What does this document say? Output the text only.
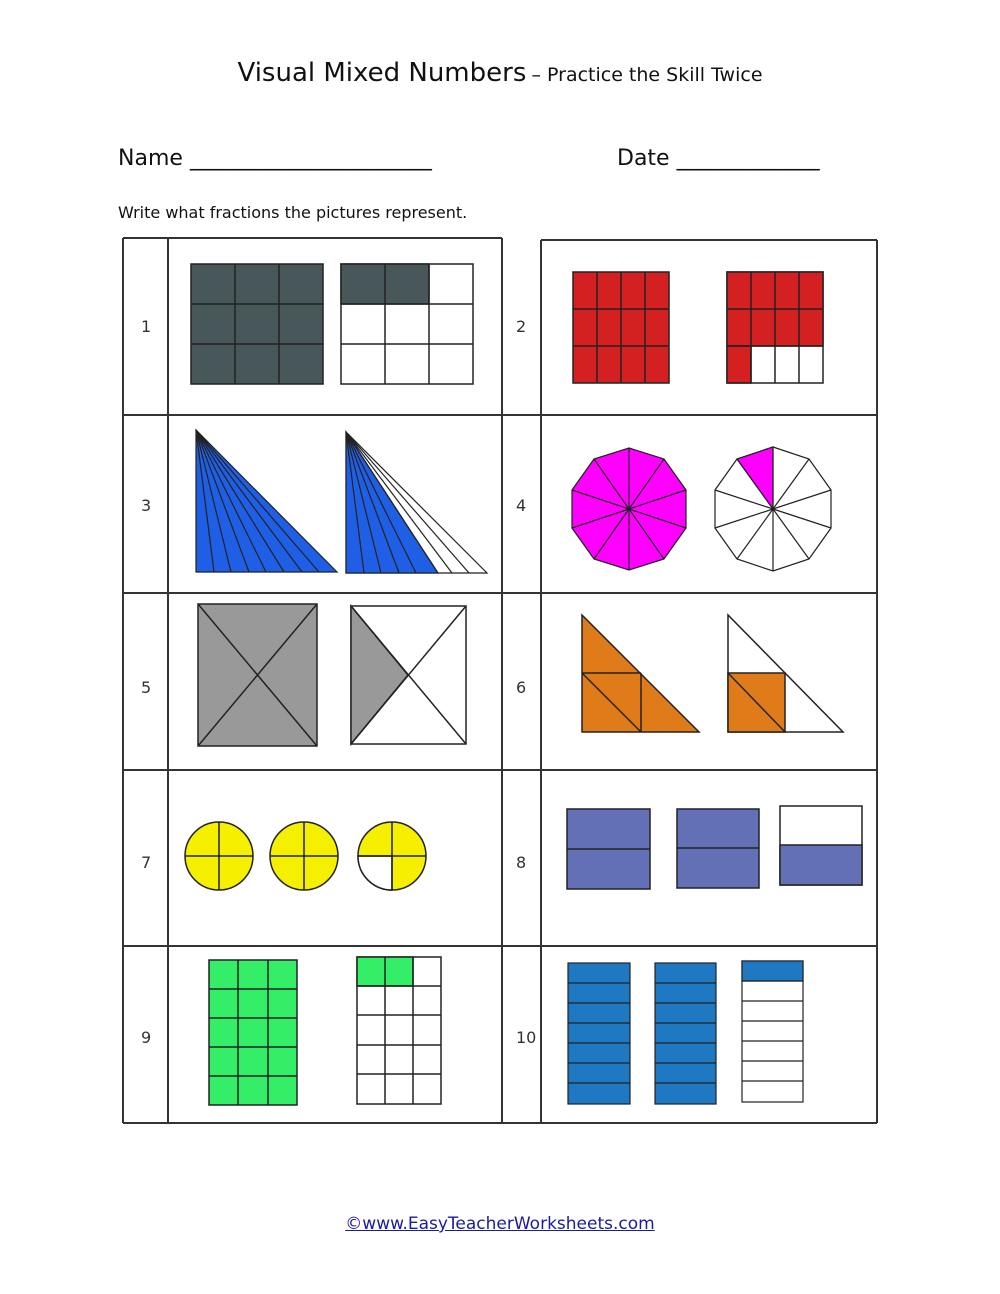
Visual Mixed Numbers – Practice the Skill Twice
Name ______________________	Date _____________
Write what fractions the pictures represent.
1	2
3	4
5	6
7	8
9	10
©www.EasyTeacherWorksheets.com
